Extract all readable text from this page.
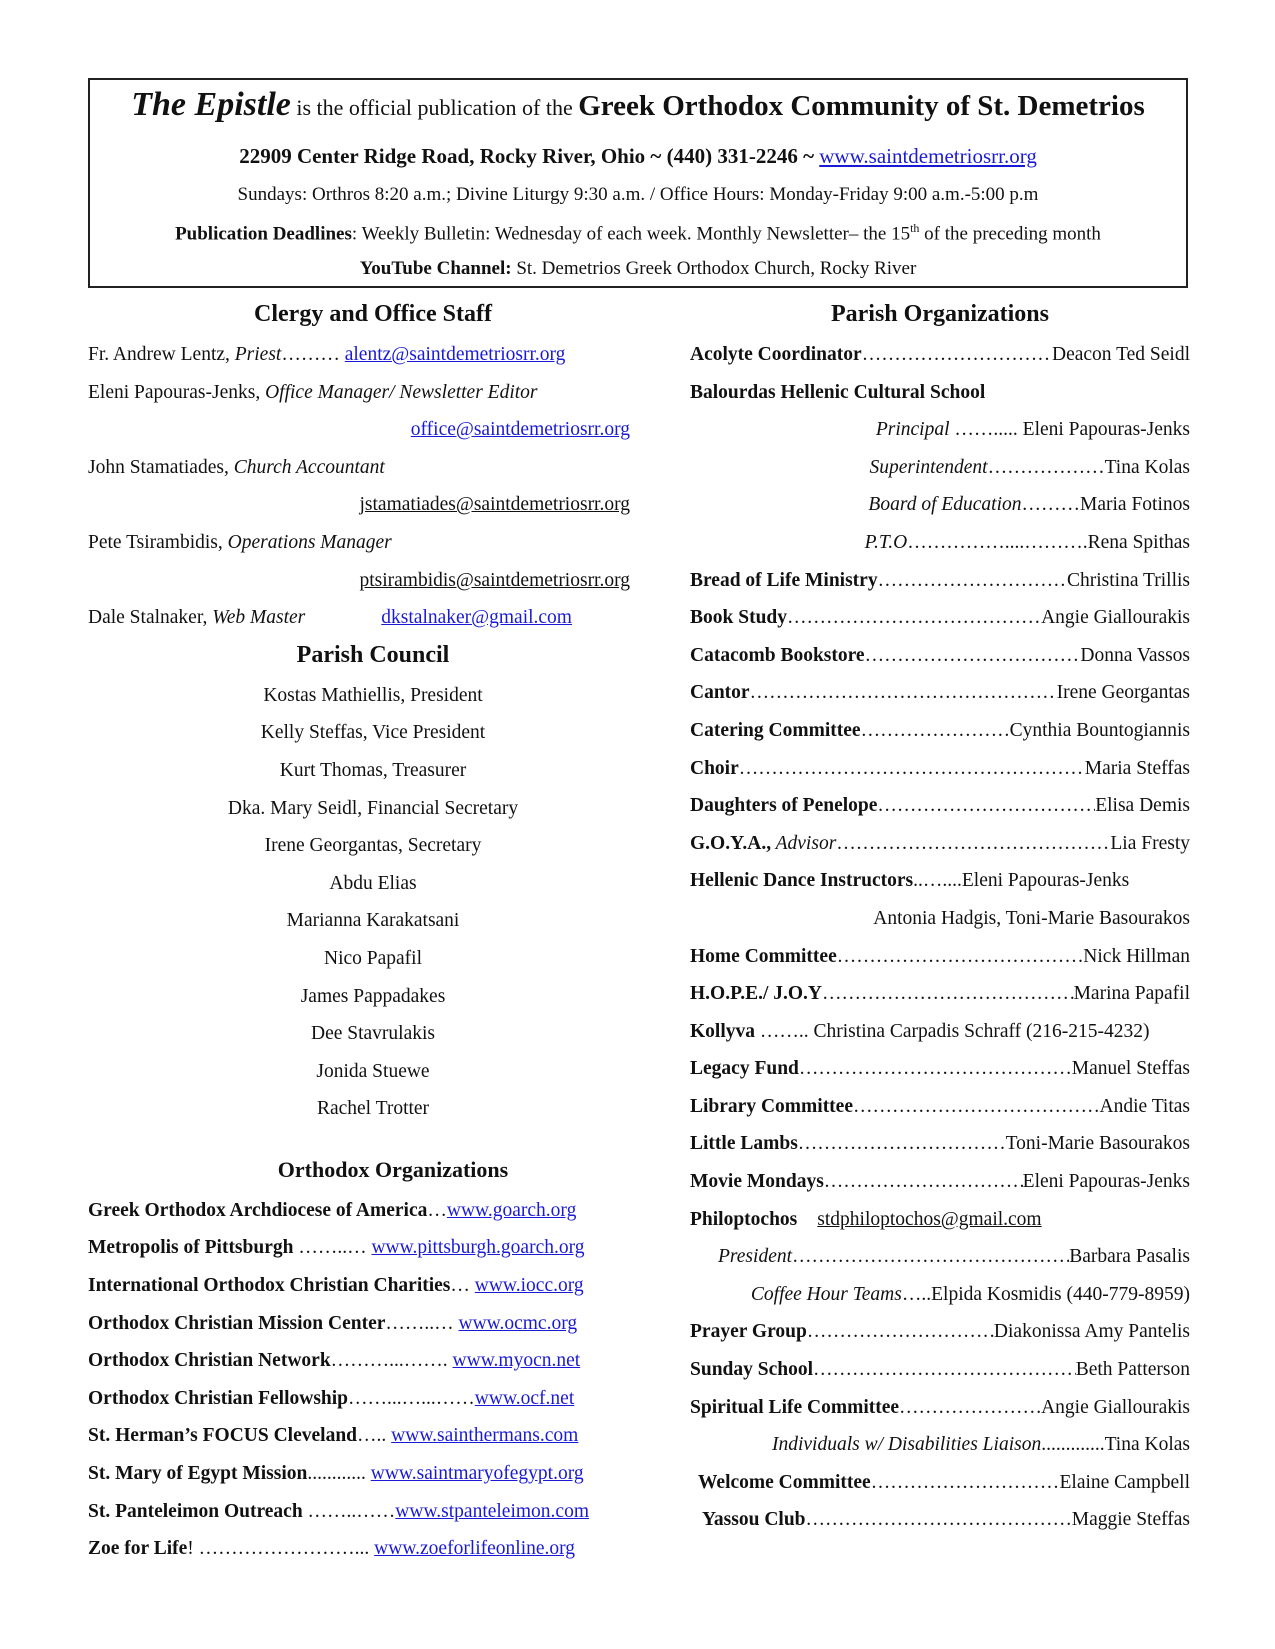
The Epistle is the official publication of the Greek Orthodox Community of St. Demetrios
22909 Center Ridge Road, Rocky River, Ohio ~ (440) 331-2246 ~ www.saintdemetriosrr.org
Sundays: Orthros 8:20 a.m.; Divine Liturgy 9:30 a.m. / Office Hours: Monday-Friday 9:00 a.m.-5:00 p.m
Publication Deadlines: Weekly Bulletin: Wednesday of each week. Monthly Newsletter– the 15th of the preceding month
YouTube Channel: St. Demetrios Greek Orthodox Church, Rocky River
Clergy and Office Staff
Fr. Andrew Lentz, Priest……… alentz@saintdemetriosrr.org
Eleni Papouras-Jenks, Office Manager/ Newsletter Editor
office@saintdemetriosrr.org
John Stamatiades, Church Accountant
jstamatiades@saintdemetriosrr.org
Pete Tsirambidis, Operations Manager
ptsirambidis@saintdemetriosrr.org
Dale Stalnaker, Web Master	dkstalnaker@gmail.com
Parish Council
Kostas Mathiellis, President
Kelly Steffas, Vice President
Kurt Thomas, Treasurer
Dka. Mary Seidl, Financial Secretary
Irene Georgantas, Secretary
Abdu Elias
Marianna Karakatsani
Nico Papafil
James Pappadakes
Dee Stavrulakis
Jonida Stuewe
Rachel Trotter
Orthodox Organizations
Greek Orthodox Archdiocese of America…www.goarch.org
Metropolis of Pittsburgh ……..… www.pittsburgh.goarch.org
International Orthodox Christian Charities… www.iocc.org
Orthodox Christian Mission Center……..… www.ocmc.org
Orthodox Christian Network………...……. www.myocn.net
Orthodox Christian Fellowship……...…...……www.ocf.net
St. Herman’s FOCUS Cleveland….. www.sainthermans.com
St. Mary of Egypt Mission............ www.saintmaryofegypt.org
St. Panteleimon Outreach ……..……www.stpanteleimon.com
Zoe for Life! ……………………... www.zoeforlifeonline.org
Parish Organizations
Acolyte Coordinator ………………………………………………………………………………………………………………	Deacon Ted Seidl
Balourdas Hellenic Cultural School
Principal ……..... Eleni Papouras-Jenks
Superintendent………………Tina Kolas
Board of Education………Maria Fotinos
P.T.O……………....……….Rena Spithas
Bread of Life Ministry ………………………………………………………………………………………………………………	Christina Trillis
Book Study ………………………………………………………………………………………………………………	Angie Giallourakis
Catacomb Bookstore ………………………………………………………………………………………………………………	Donna Vassos
Cantor ………………………………………………………………………………………………………………	Irene Georgantas
Catering Committee ………………………………………………………………………………………………………………	Cynthia Bountogiannis
Choir ………………………………………………………………………………………………………………	Maria Steffas
Daughters of Penelope ………………………………………………………………………………………………………………	Elisa Demis
G.O.Y.A., Advisor ………………………………………………………………………………………………………………	Lia Fresty
Hellenic Dance Instructors..…....Eleni Papouras-Jenks
Antonia Hadgis, Toni-Marie Basourakos
Home Committee ………………………………………………………………………………………………………………	Nick Hillman
H.O.P.E./ J.O.Y ………………………………………………………………………………………………………………	Marina Papafil
Kollyva …….. Christina Carpadis Schraff (216-215-4232)
Legacy Fund ………………………………………………………………………………………………………………	Manuel Steffas
Library Committee ………………………………………………………………………………………………………………	Andie Titas
Little Lambs ………………………………………………………………………………………………………………	Toni-Marie Basourakos
Movie Mondays ………………………………………………………………………………………………………………	Eleni Papouras-Jenks
Philoptochos stdphiloptochos@gmail.com
President ………………………………………………………………………………………………………………	Barbara Pasalis
Coffee Hour Teams…..Elpida Kosmidis (440-779-8959)
Prayer Group ………………………………………………………………………………………………………………	Diakonissa Amy Pantelis
Sunday School ………………………………………………………………………………………………………………	Beth Patterson
Spiritual Life Committee ………………………………………………………………………………………………………………	Angie Giallourakis
Individuals w/ Disabilities Liaison.............Tina Kolas
Welcome Committee ………………………………………………………………………………………………………………	Elaine Campbell
Yassou Club ………………………………………………………………………………………………………………	Maggie Steffas
